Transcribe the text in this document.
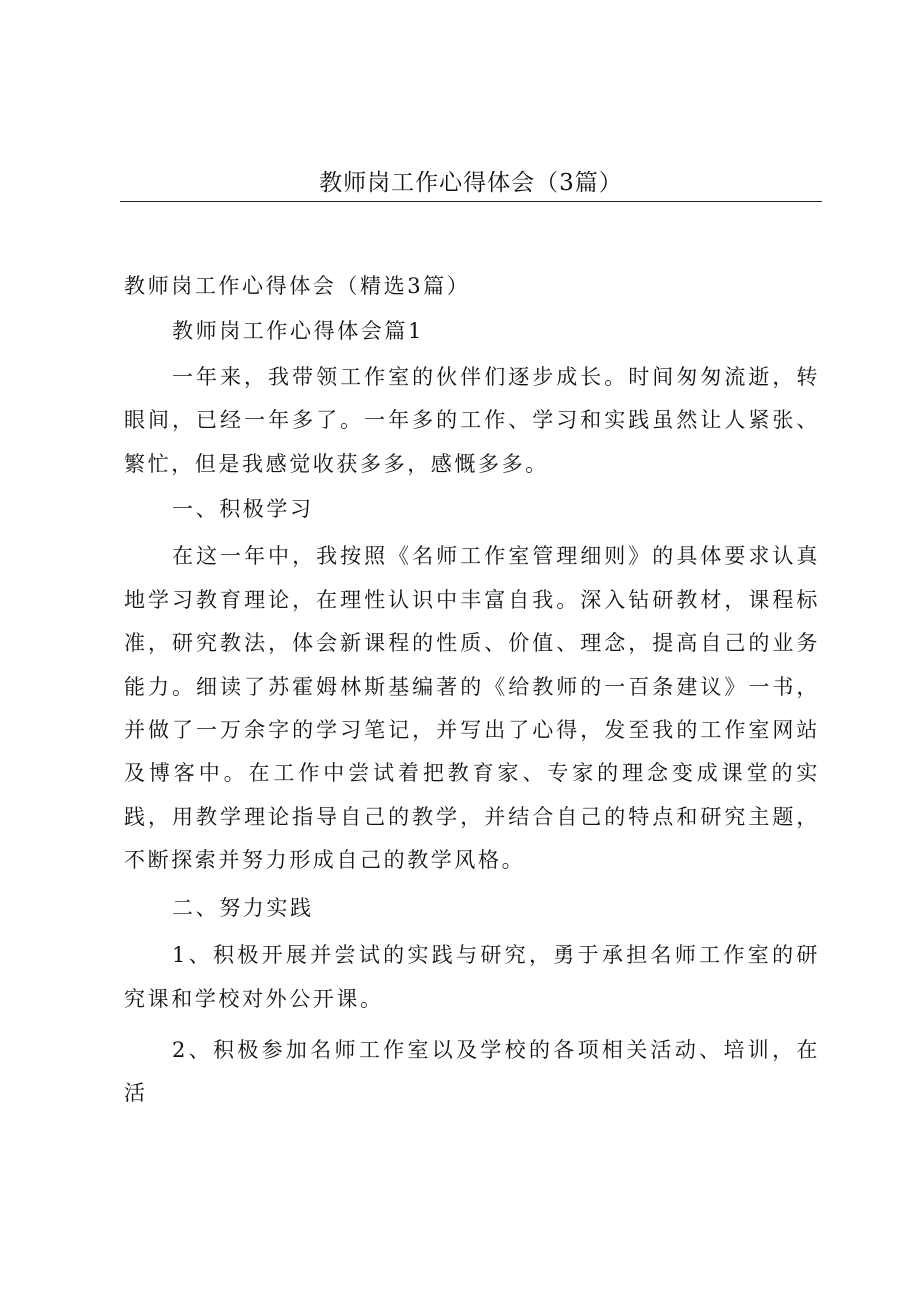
教师岗工作心得体会（3篇）

教师岗工作心得体会（精选3篇）

教师岗工作心得体会篇1

一年来，我带领工作室的伙伴们逐步成长。时间匆匆流逝，转眼间，已经一年多了。一年多的工作、学习和实践虽然让人紧张、繁忙，但是我感觉收获多多，感慨多多。

一、积极学习

在这一年中，我按照《名师工作室管理细则》的具体要求认真地学习教育理论，在理性认识中丰富自我。深入钻研教材，课程标准，研究教法，体会新课程的性质、价值、理念，提高自己的业务能力。细读了苏霍姆林斯基编著的《给教师的一百条建议》一书，并做了一万余字的学习笔记，并写出了心得，发至我的工作室网站及博客中。在工作中尝试着把教育家、专家的理念变成课堂的实践，用教学理论指导自己的教学，并结合自己的特点和研究主题，不断探索并努力形成自己的教学风格。

二、努力实践

1、积极开展并尝试的实践与研究，勇于承担名师工作室的研究课和学校对外公开课。

2、积极参加名师工作室以及学校的各项相关活动、培训，在活
